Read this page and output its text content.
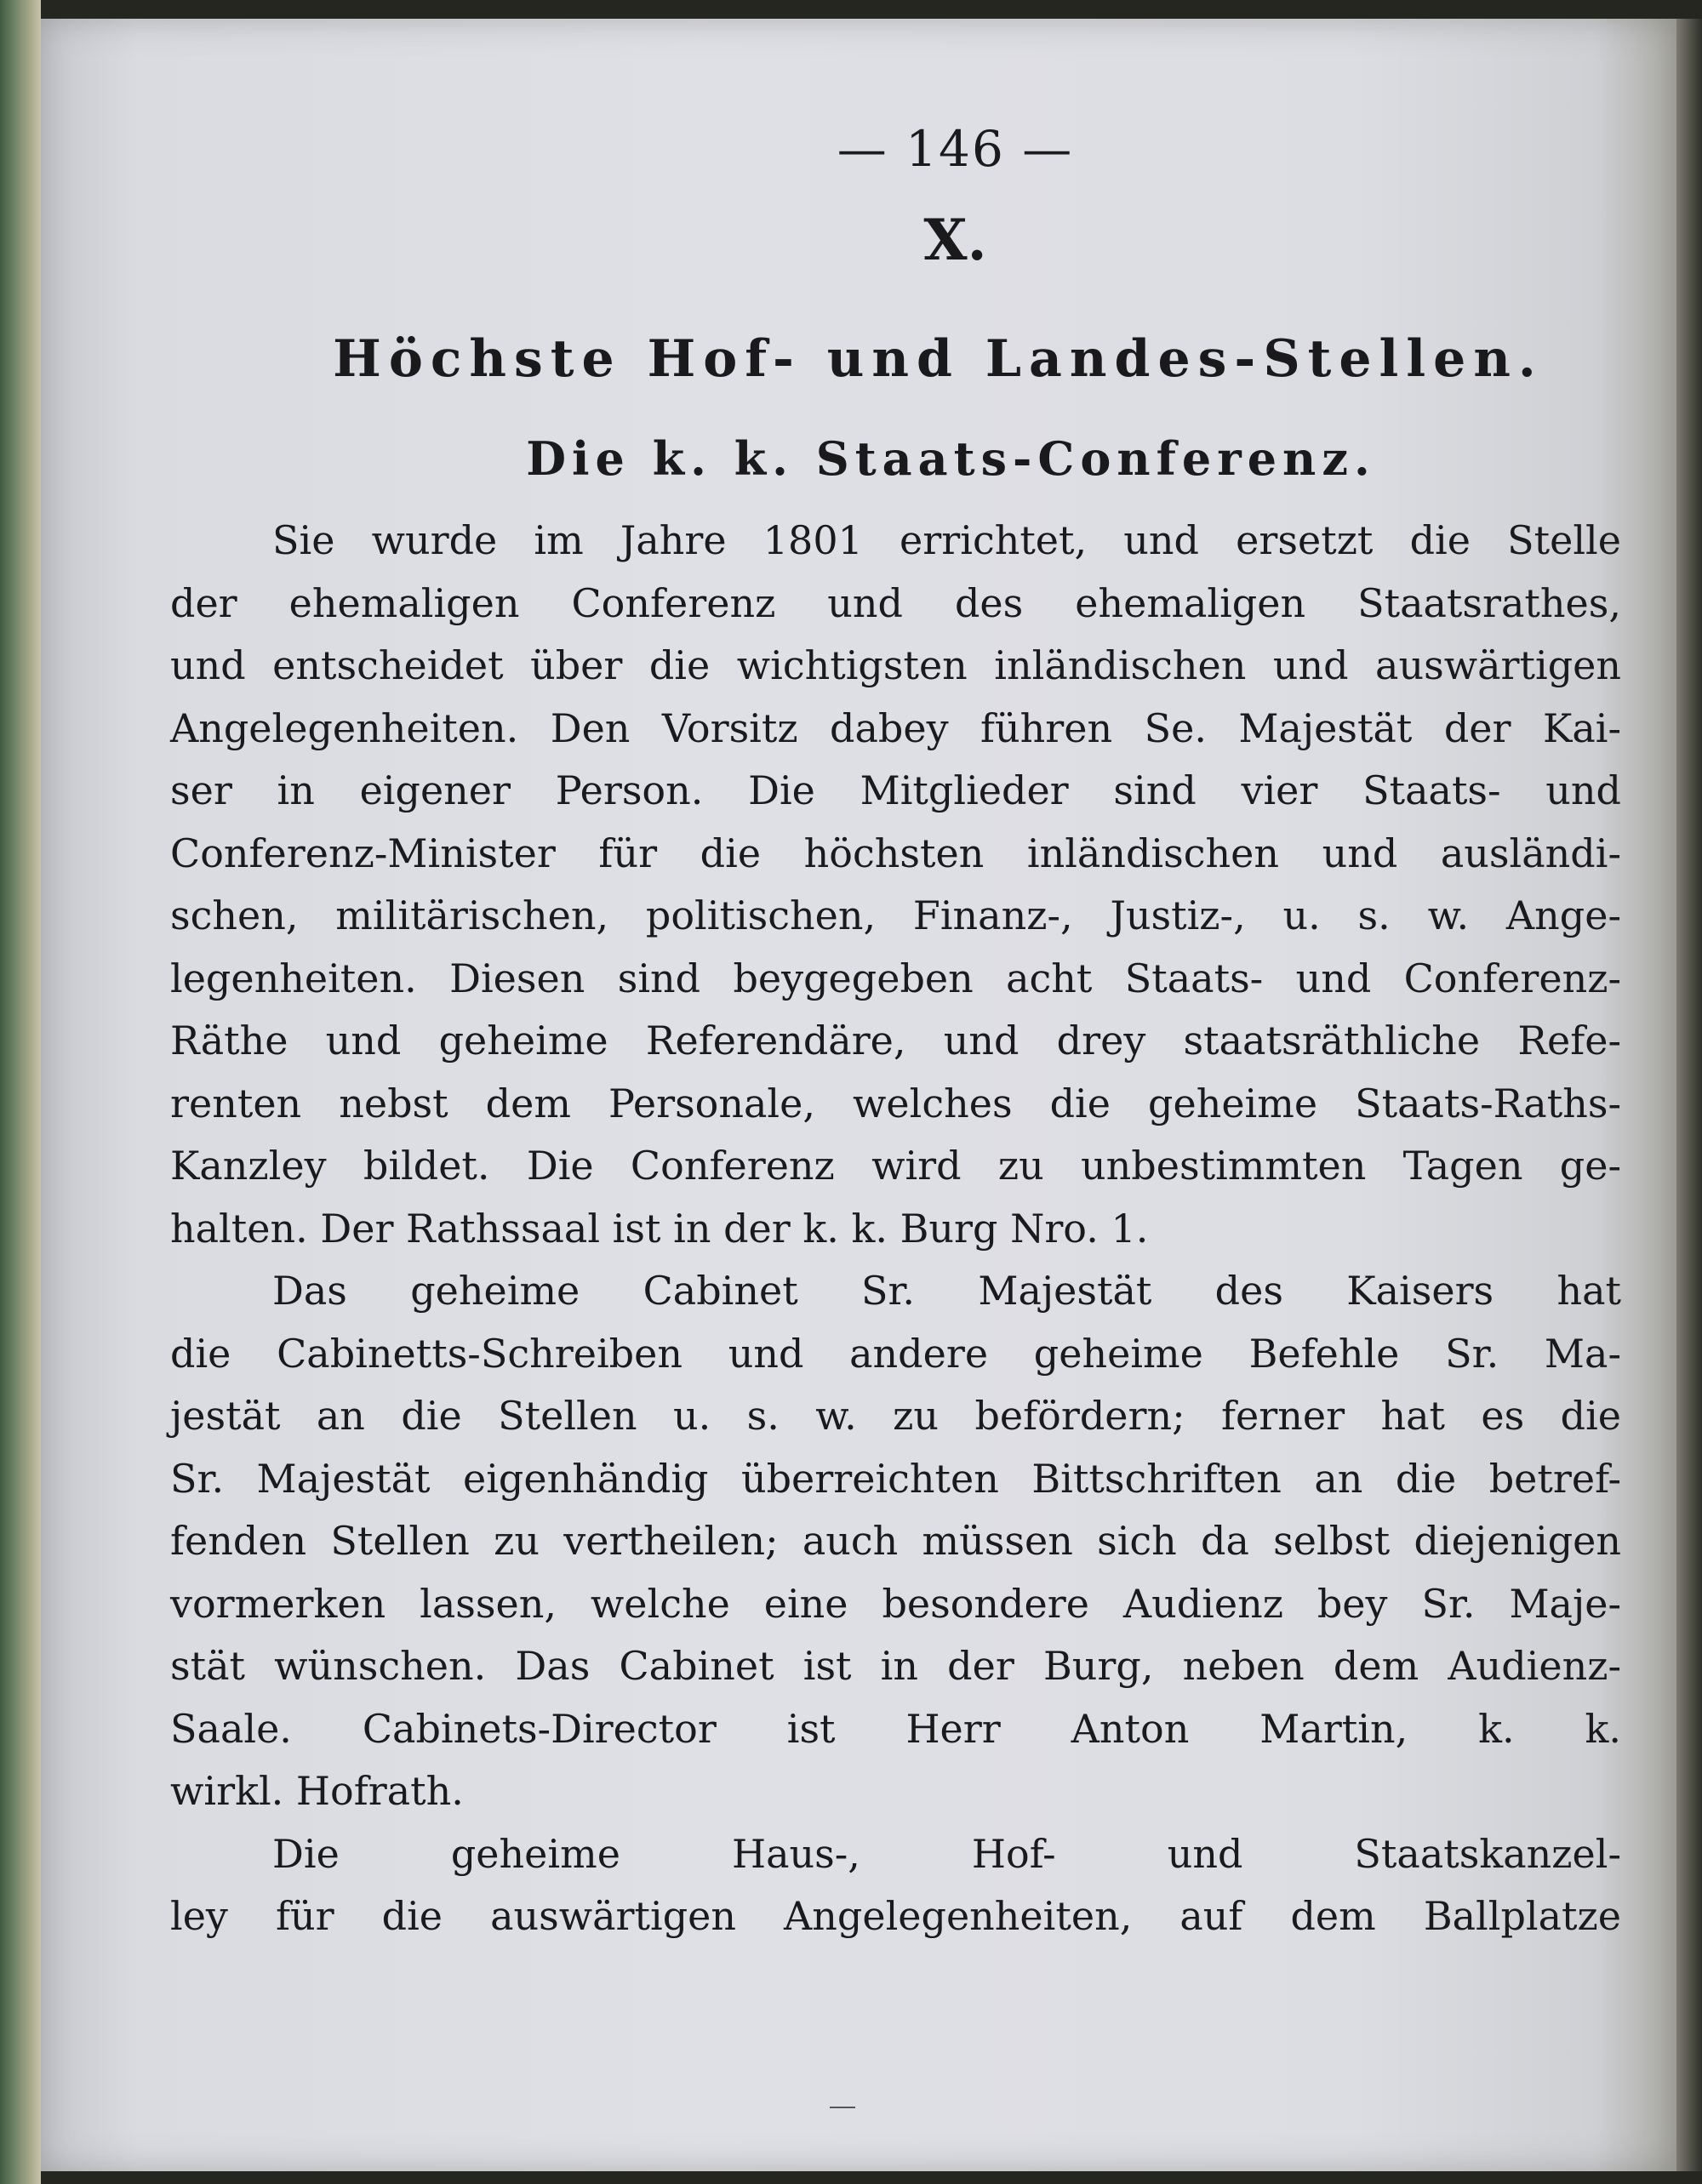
— 146 —
X.
Höchste Hof- und Landes-Stellen.
Die k. k. Staats-Conferenz.
Sie wurde im Jahre 1801 errichtet, und ersetzt die Stelle
der ehemaligen Conferenz und des ehemaligen Staatsrathes,
und entscheidet über die wichtigsten inländischen und auswärtigen
Angelegenheiten. Den Vorsitz dabey führen Se. Majestät der Kai-
ser in eigener Person. Die Mitglieder sind vier Staats- und
Conferenz-Minister für die höchsten inländischen und ausländi-
schen, militärischen, politischen, Finanz-, Justiz-, u. s. w. Ange-
legenheiten. Diesen sind beygegeben acht Staats- und Conferenz-
Räthe und geheime Referendäre, und drey staatsräthliche Refe-
renten nebst dem Personale, welches die geheime Staats-Raths-
Kanzley bildet. Die Conferenz wird zu unbestimmten Tagen ge-
halten. Der Rathssaal ist in der k. k. Burg Nro. 1.
Das geheime Cabinet Sr. Majestät des Kaisers hat
die Cabinetts-Schreiben und andere geheime Befehle Sr. Ma-
jestät an die Stellen u. s. w. zu befördern; ferner hat es die
Sr. Majestät eigenhändig überreichten Bittschriften an die betref-
fenden Stellen zu vertheilen; auch müssen sich da selbst diejenigen
vormerken lassen, welche eine besondere Audienz bey Sr. Maje-
stät wünschen. Das Cabinet ist in der Burg, neben dem Audienz-
Saale. Cabinets-Director ist Herr Anton Martin, k. k.
wirkl. Hofrath.
Die geheime Haus-, Hof- und Staatskanzel-
ley für die auswärtigen Angelegenheiten, auf dem Ballplatze
